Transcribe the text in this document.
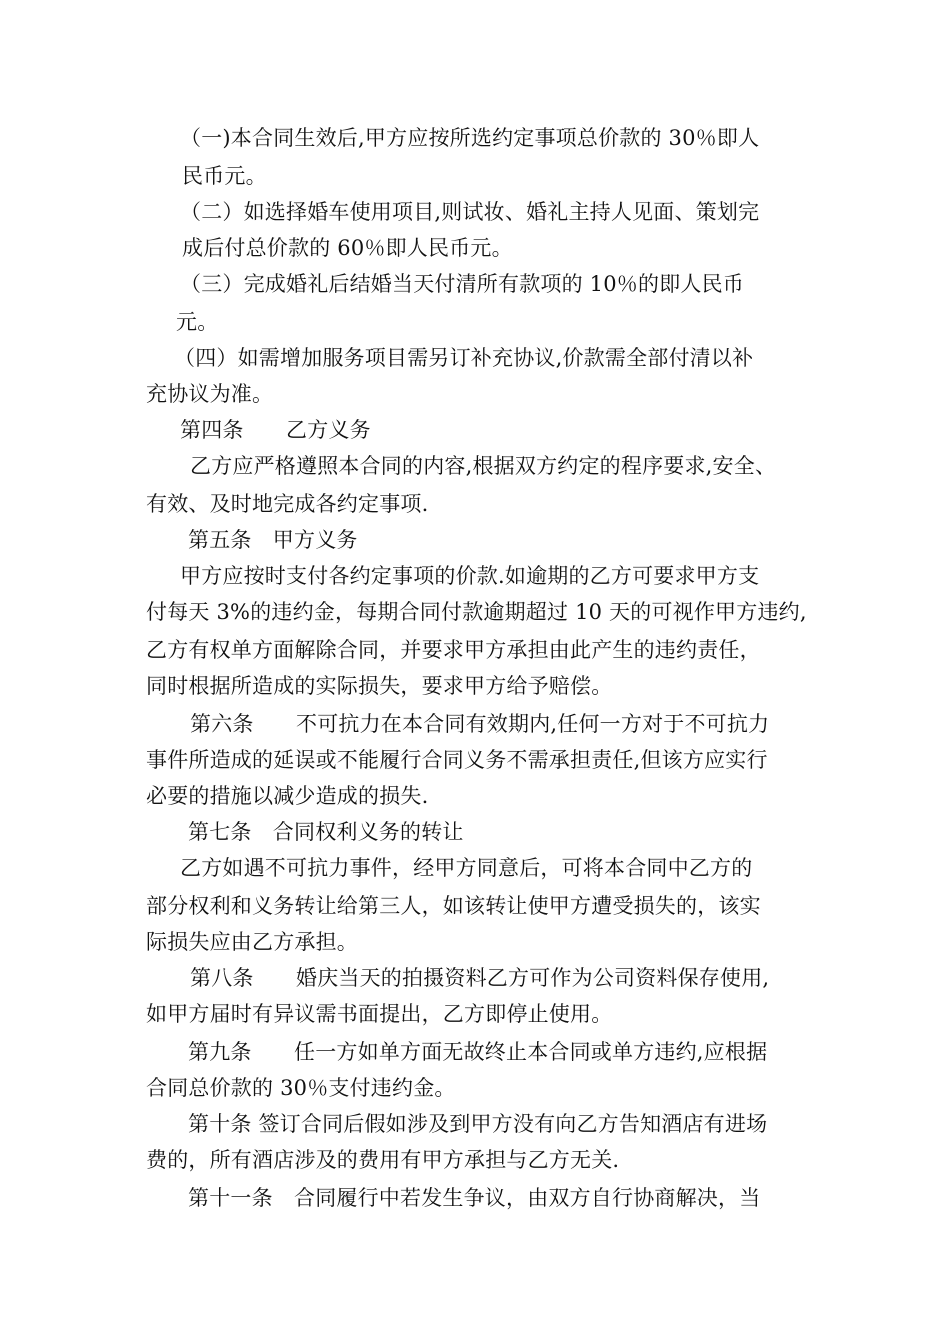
（一)本合同生效后,甲方应按所选约定事项总价款的 30％即人
民币元。
（二）如选择婚车使用项目,则试妆、婚礼主持人见面、策划完
成后付总价款的 60％即人民币元。
（三）完成婚礼后结婚当天付清所有款项的 10％的即人民币
元。
（四）如需增加服务项目需另订补充协议,价款需全部付清以补
充协议为准。
第四条　　乙方义务
乙方应严格遵照本合同的内容,根据双方约定的程序要求,安全、
有效、及时地完成各约定事项.
第五条　甲方义务
甲方应按时支付各约定事项的价款.如逾期的乙方可要求甲方支
付每天 3%的违约金，每期合同付款逾期超过 10 天的可视作甲方违约,
乙方有权单方面解除合同，并要求甲方承担由此产生的违约责任，
同时根据所造成的实际损失，要求甲方给予赔偿。
第六条　　不可抗力在本合同有效期内,任何一方对于不可抗力
事件所造成的延误或不能履行合同义务不需承担责任,但该方应实行
必要的措施以减少造成的损失.
第七条　合同权利义务的转让
乙方如遇不可抗力事件，经甲方同意后，可将本合同中乙方的
部分权利和义务转让给第三人，如该转让使甲方遭受损失的，该实
际损失应由乙方承担。
第八条　　婚庆当天的拍摄资料乙方可作为公司资料保存使用,
如甲方届时有异议需书面提出，乙方即停止使用。
第九条　　任一方如单方面无故终止本合同或单方违约,应根据
合同总价款的 30％支付违约金。
第十条 签订合同后假如涉及到甲方没有向乙方告知酒店有进场
费的，所有酒店涉及的费用有甲方承担与乙方无关.
第十一条　合同履行中若发生争议，由双方自行协商解决，当
